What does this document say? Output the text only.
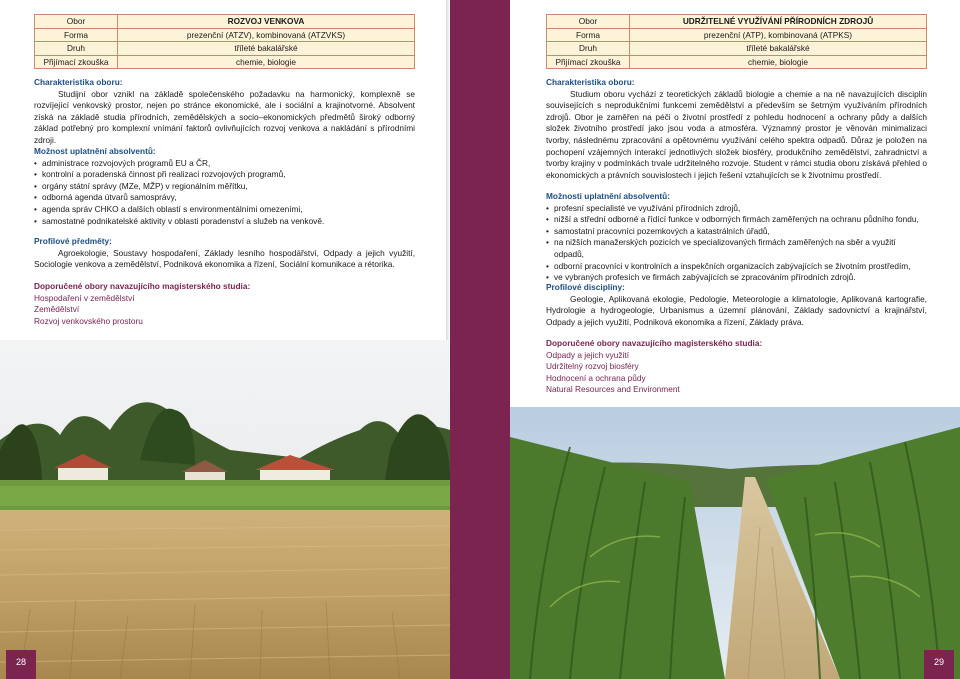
Obor	ROZVOJ VENKOVA
Forma	prezenční (ATZV), kombinovaná (ATZVKS)
Druh	tříleté bakalářské
Přijímací zkouška	chemie, biologie
Charakteristika oboru:
Studijní obor vznikl na základě společenského požadavku na harmonický, komplexně se rozvíjející venkovský prostor, nejen po stránce ekonomické, ale i sociální a krajinotvorné. Absolvent získá na základě studia přírodních, zemědělských a socio–ekonomických předmětů široký odborný základ potřebný pro komplexní vnímání faktorů ovlivňujících rozvoj venkova a nakládání s přírodními zdroji.
Možnost uplatnění absolventů:
• administrace rozvojových programů EU a ČR,
• kontrolní a poradenská činnost při realizaci rozvojových programů,
• orgány státní správy (MZe, MŽP) v regionálním měřítku,
• odborná agenda útvarů samosprávy,
• agenda správ CHKO a dalších oblastí s environmentálními omezeními,
• samostatné podnikatelské aktivity v oblasti poradenství a služeb na venkově.
Profilové předměty:
Agroekologie, Soustavy hospodaření, Základy lesního hospodářství, Odpady a jejich využití, Sociologie venkova a zemědělství, Podniková ekonomika a řízení, Sociální komunikace a rétorika.
Doporučené obory navazujícího magisterského studia:
Hospodaření v zemědělství
Zemědělství
Rozvoj venkovského prostoru
28
Obor	UDRŽITELNÉ VYUŽÍVÁNÍ PŘÍRODNÍCH ZDROJŮ
Forma	prezenční (ATP), kombinovaná (ATPKS)
Druh	tříleté bakalářské
Přijímací zkouška	chemie, biologie
Charakteristika oboru:
Studium oboru vychází z teoretických základů biologie a chemie a na ně navazujících disciplin souvisejících s neprodukčními funkcemi zemědělství a především se šetrným využíváním přírodních zdrojů. Obor je zaměřen na péči o životní prostředí z pohledu hodnocení a ochrany půdy a dalších složek životního prostředí jako jsou voda a atmosféra. Významný prostor je věnován minimalizaci tvorby, následnému zpracování a opětovnému využívání celého spektra odpadů. Důraz je položen na pochopení vzájemných interakcí jednotlivých složek biosféry, produkčního zemědělství, zahradnictví a tvorby krajiny v podmínkách trvale udržitelného rozvoje. Student v rámci studia oboru získává přehled o ekonomických a právních souvislostech i jejich řešení vztahujících se k životnímu prostředí.
Možnosti uplatnění absolventů:
• profesní specialisté ve využívání přírodních zdrojů,
• nižší a střední odborné a řídící funkce v odborných firmách zaměřených na ochranu půdního fondu,
• samostatní pracovníci pozemkových a katastrálních úřadů,
• na nižších manažerských pozicích ve specializovaných firmách zaměřených na sběr a využití odpadů,
• odborní pracovníci v kontrolních a inspekčních organizacích zabývajících se životním prostředím,
• ve vybraných profesích ve firmách zabývajících se zpracováním přírodních zdrojů.
Profilové disciplíny:
Geologie, Aplikovaná ekologie, Pedologie, Meteorologie a klimatologie, Aplikovaná kartografie, Hydrologie a hydrogeologie, Urbanismus a územní plánování, Základy sadovnictví a krajinářství, Odpady a jejich využití, Podniková ekonomika a řízení, Základy práva.
Doporučené obory navazujícího magisterského studia:
Odpady a jejich využití
Udržitelný rozvoj biosféry
Hodnocení a ochrana půdy
Natural Resources and Environment
29
